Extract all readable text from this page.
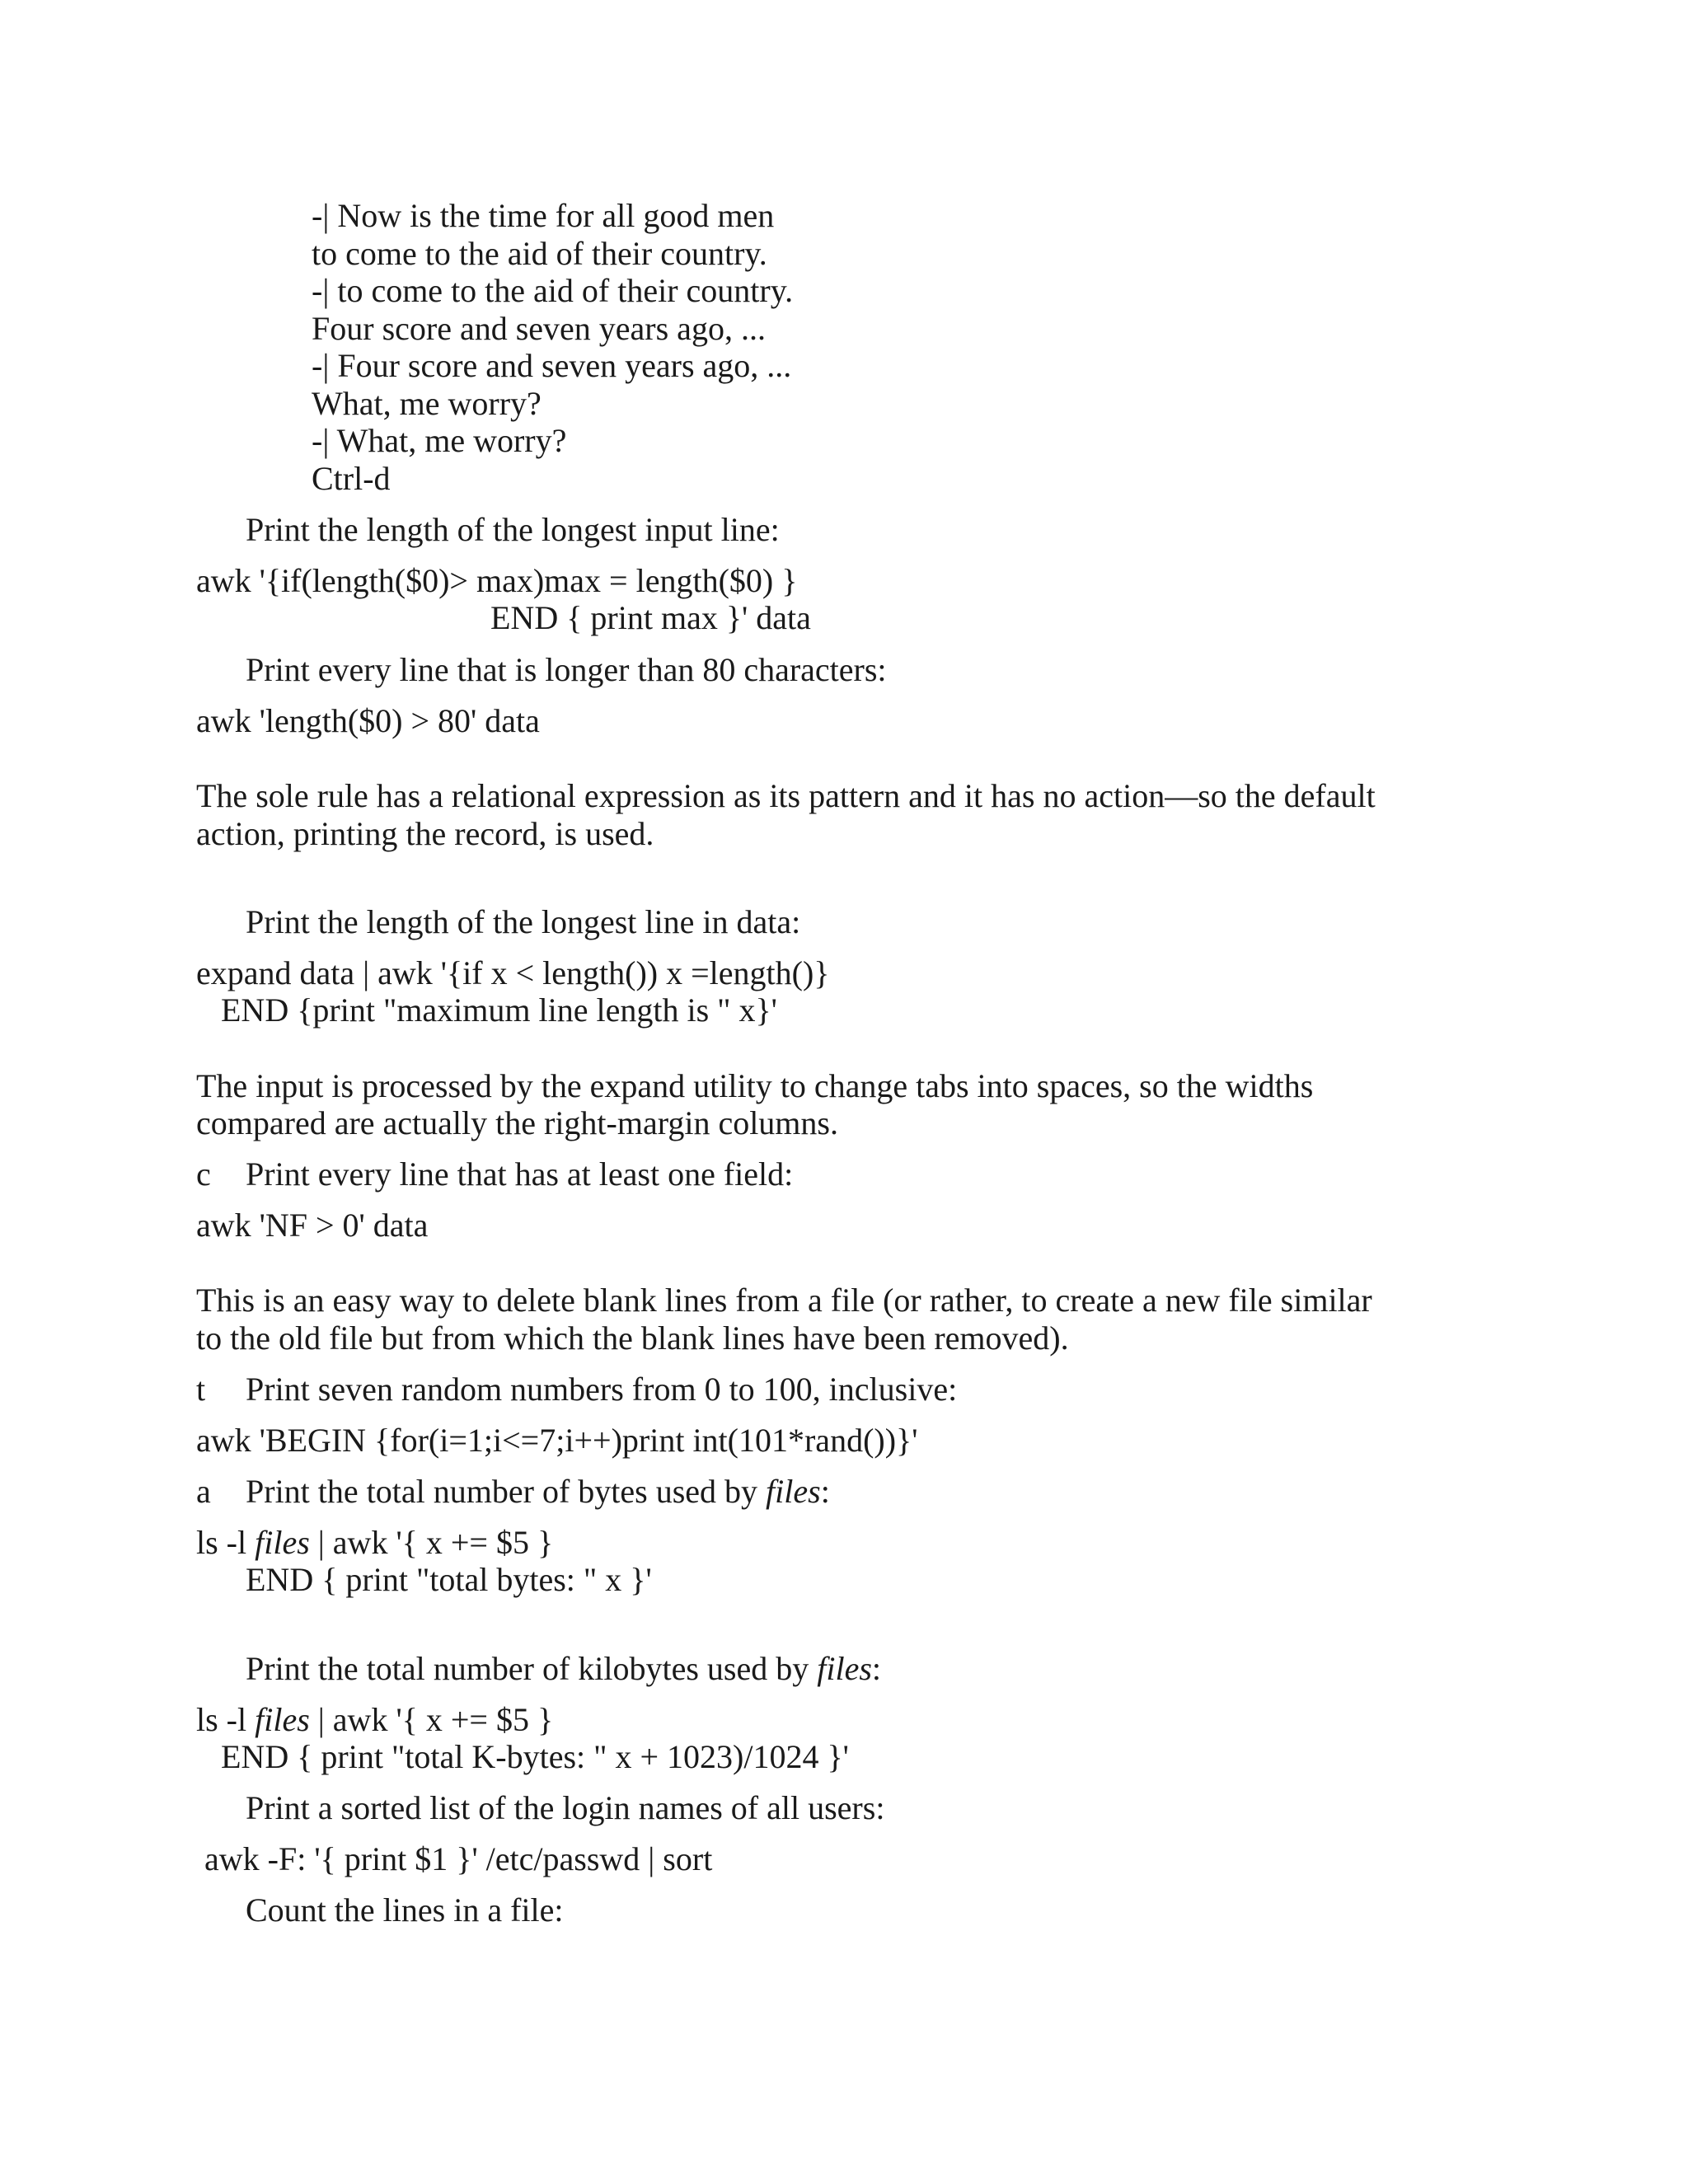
-| Now is the time for all good men
to come to the aid of their country.
-| to come to the aid of their country.
Four score and seven years ago, ...
-| Four score and seven years ago, ...
What, me worry?
-| What, me worry?
Ctrl-d
Print the length of the longest input line:
awk '{if(length($0)> max)max = length($0) }
END { print max }' data
Print every line that is longer than 80 characters:
awk 'length($0) > 80' data
The sole rule has a relational expression as its pattern and it has no action—so the default
action, printing the record, is used.
Print the length of the longest line in data:
expand data | awk '{if x < length()) x =length()}
END {print "maximum line length is " x}'
The input is processed by the expand utility to change tabs into spaces, so the widths
compared are actually the right-margin columns.
c Print every line that has at least one field:
awk 'NF > 0' data
This is an easy way to delete blank lines from a file (or rather, to create a new file similar
to the old file but from which the blank lines have been removed).
t Print seven random numbers from 0 to 100, inclusive:
awk 'BEGIN {for(i=1;i<=7;i++)print int(101*rand())}'
a Print the total number of bytes used by files:
ls -l files | awk '{ x += $5 }
END { print "total bytes: " x }'
Print the total number of kilobytes used by files:
ls -l files | awk '{ x += $5 }
END { print "total K-bytes: " x + 1023)/1024 }'
Print a sorted list of the login names of all users:
awk -F: '{ print $1 }' /etc/passwd | sort
Count the lines in a file:
